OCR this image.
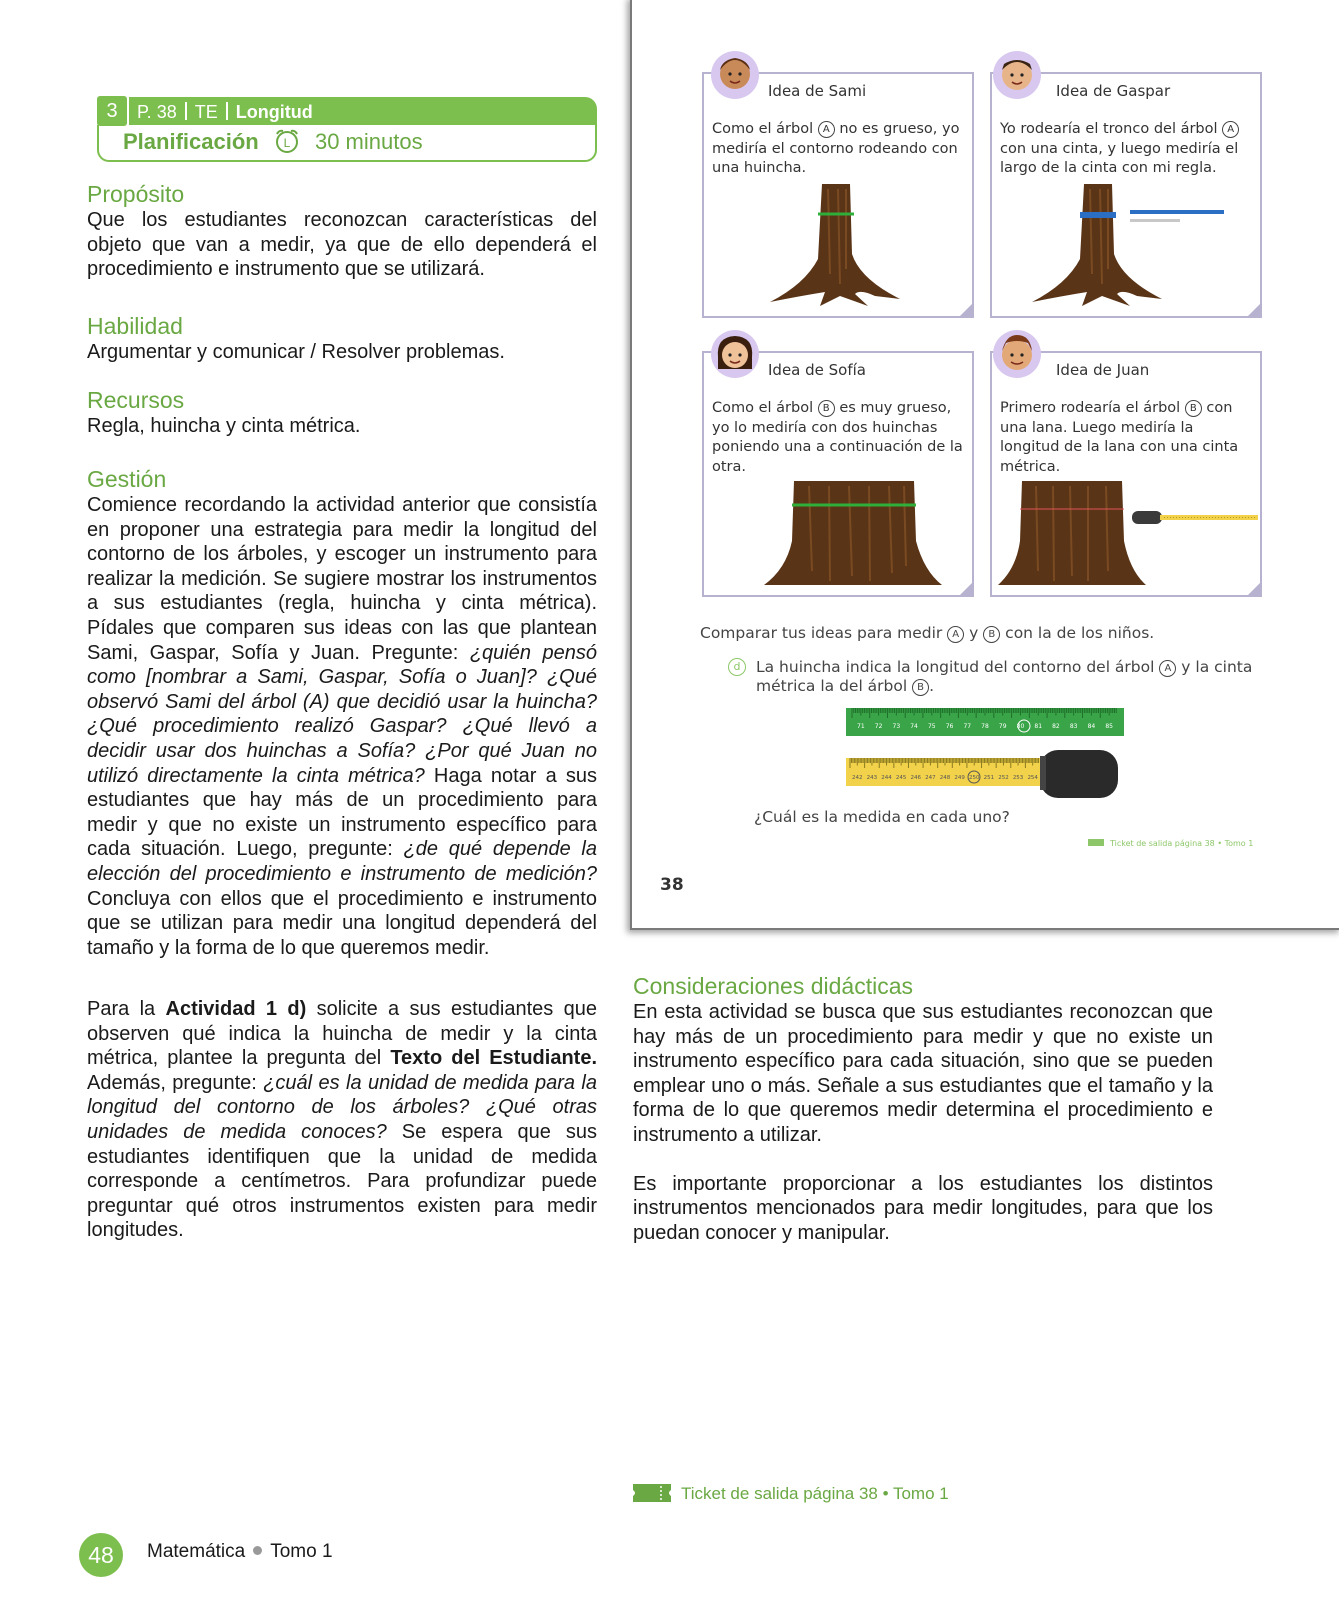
3	P. 38 TE Longitud
Planificación L 30 minutos
Propósito
Que los estudiantes reconozcan características del objeto que van a medir, ya que de ello dependerá el procedimiento e instrumento que se utilizará.
Habilidad
Argumentar y comunicar / Resolver problemas.
Recursos
Regla, huincha y cinta métrica.
Gestión
Comience recordando la actividad anterior que consistía en proponer una estrategia para medir la longitud del contorno de los árboles, y escoger un instrumento para realizar la medición. Se sugiere mostrar los instrumentos a sus estudiantes (regla, huincha y cinta métrica). Pídales que comparen sus ideas con las que plantean Sami, Gaspar, Sofía y Juan. Pregunte: ¿quién pensó como [nombrar a Sami, Gaspar, Sofía o Juan]? ¿Qué observó Sami del árbol (A) que decidió usar la huincha? ¿Qué procedimiento realizó Gaspar? ¿Qué llevó a decidir usar dos huinchas a Sofía? ¿Por qué Juan no utilizó directamente la cinta métrica? Haga notar a sus estudiantes que hay más de un procedimiento para medir y que no existe un instrumento específico para cada situación. Luego, pregunte: ¿de qué depende la elección del procedimiento e instrumento de medición? Concluya con ellos que el procedimiento e instrumento que se utilizan para medir una longitud dependerá del tamaño y la forma de lo que queremos medir.
Para la Actividad 1 d) solicite a sus estudiantes que observen qué indica la huincha de medir y la cinta métrica, plantee la pregunta del Texto del Estudiante. Además, pregunte: ¿cuál es la unidad de medida para la longitud del contorno de los árboles? ¿Qué otras unidades de medida conoces? Se espera que sus estudiantes identifiquen que la unidad de medida corresponde a centímetros. Para profundizar puede preguntar qué otros instrumentos existen para medir longitudes.
Idea de Sami
Como el árbol A no es grueso, yo mediría el contorno rodeando con una huincha.
Idea de Gaspar
Yo rodearía el tronco del árbol A con una cinta, y luego mediría el largo de la cinta con mi regla.
Idea de Sofía
Como el árbol B es muy grueso, yo lo mediría con dos huinchas poniendo una a continuación de la otra.
Idea de Juan
Primero rodearía el árbol B con una lana. Luego mediría la longitud de la lana con una cinta métrica.
Comparar tus ideas para medir A y B con la de los niños.
d	La huincha indica la longitud del contorno del árbol A y la cinta métrica la del árbol B .
71 72 73 74 75 76 77 78 79 80 81 82 83 84 85
242 243 244 245 246 247 248 249 250 251 252 253 254
¿Cuál es la medida en cada uno?
Ticket de salida página 38 • Tomo 1
38
Consideraciones didácticas
En esta actividad se busca que sus estudiantes reconozcan que hay más de un procedimiento para medir y que no existe un instrumento específico para cada situación, sino que se pueden emplear uno o más. Señale a sus estudiantes que el tamaño y la forma de lo que queremos medir determina el procedimiento e instrumento a utilizar.
Es importante proporcionar a los estudiantes los distintos instrumentos mencionados para medir longitudes, para que los puedan conocer y manipular.
Ticket de salida página 38 • Tomo 1
48	Matemática Tomo 1
